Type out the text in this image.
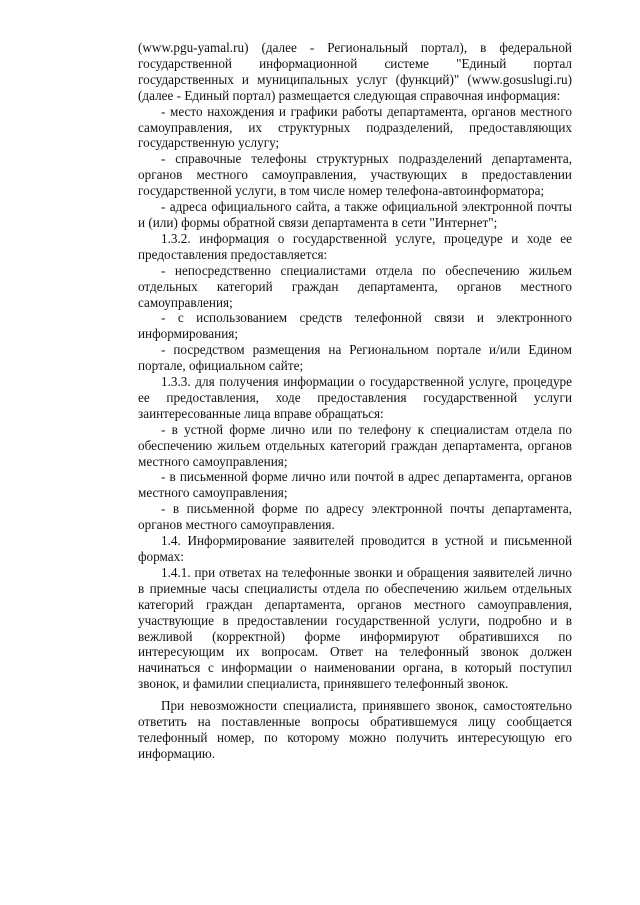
(www.pgu-yamal.ru) (далее - Региональный портал), в федеральной государственной информационной системе "Единый портал государственных и муниципальных услуг (функций)" (www.gosuslugi.ru) (далее - Единый портал) размещается следующая справочная информация:

- место нахождения и графики работы департамента, органов местного самоуправления, их структурных подразделений, предоставляющих государственную услугу;

- справочные телефоны структурных подразделений департамента, органов местного самоуправления, участвующих в предоставлении государственной услуги, в том числе номер телефона-автоинформатора;

- адреса официального сайта, а также официальной электронной почты и (или) формы обратной связи департамента в сети "Интернет";

1.3.2. информация о государственной услуге, процедуре и ходе ее предоставления предоставляется:

- непосредственно специалистами отдела по обеспечению жильем отдельных категорий граждан департамента, органов местного самоуправления;

- с использованием средств телефонной связи и электронного информирования;

- посредством размещения на Региональном портале и/или Едином портале, официальном сайте;

1.3.3. для получения информации о государственной услуге, процедуре ее предоставления, ходе предоставления государственной услуги заинтересованные лица вправе обращаться:

- в устной форме лично или по телефону к специалистам отдела по обеспечению жильем отдельных категорий граждан департамента, органов местного самоуправления;

- в письменной форме лично или почтой в адрес департамента, органов местного самоуправления;

- в письменной форме по адресу электронной почты департамента, органов местного самоуправления.

1.4. Информирование заявителей проводится в устной и письменной формах:

1.4.1. при ответах на телефонные звонки и обращения заявителей лично в приемные часы специалисты отдела по обеспечению жильем отдельных категорий граждан департамента, органов местного самоуправления, участвующие в предоставлении государственной услуги, подробно и в вежливой (корректной) форме информируют обратившихся по интересующим их вопросам. Ответ на телефонный звонок должен начинаться с информации о наименовании органа, в который поступил звонок, и фамилии специалиста, принявшего телефонный звонок.

При невозможности специалиста, принявшего звонок, самостоятельно ответить на поставленные вопросы обратившемуся лицу сообщается телефонный номер, по которому можно получить интересующую его информацию.
